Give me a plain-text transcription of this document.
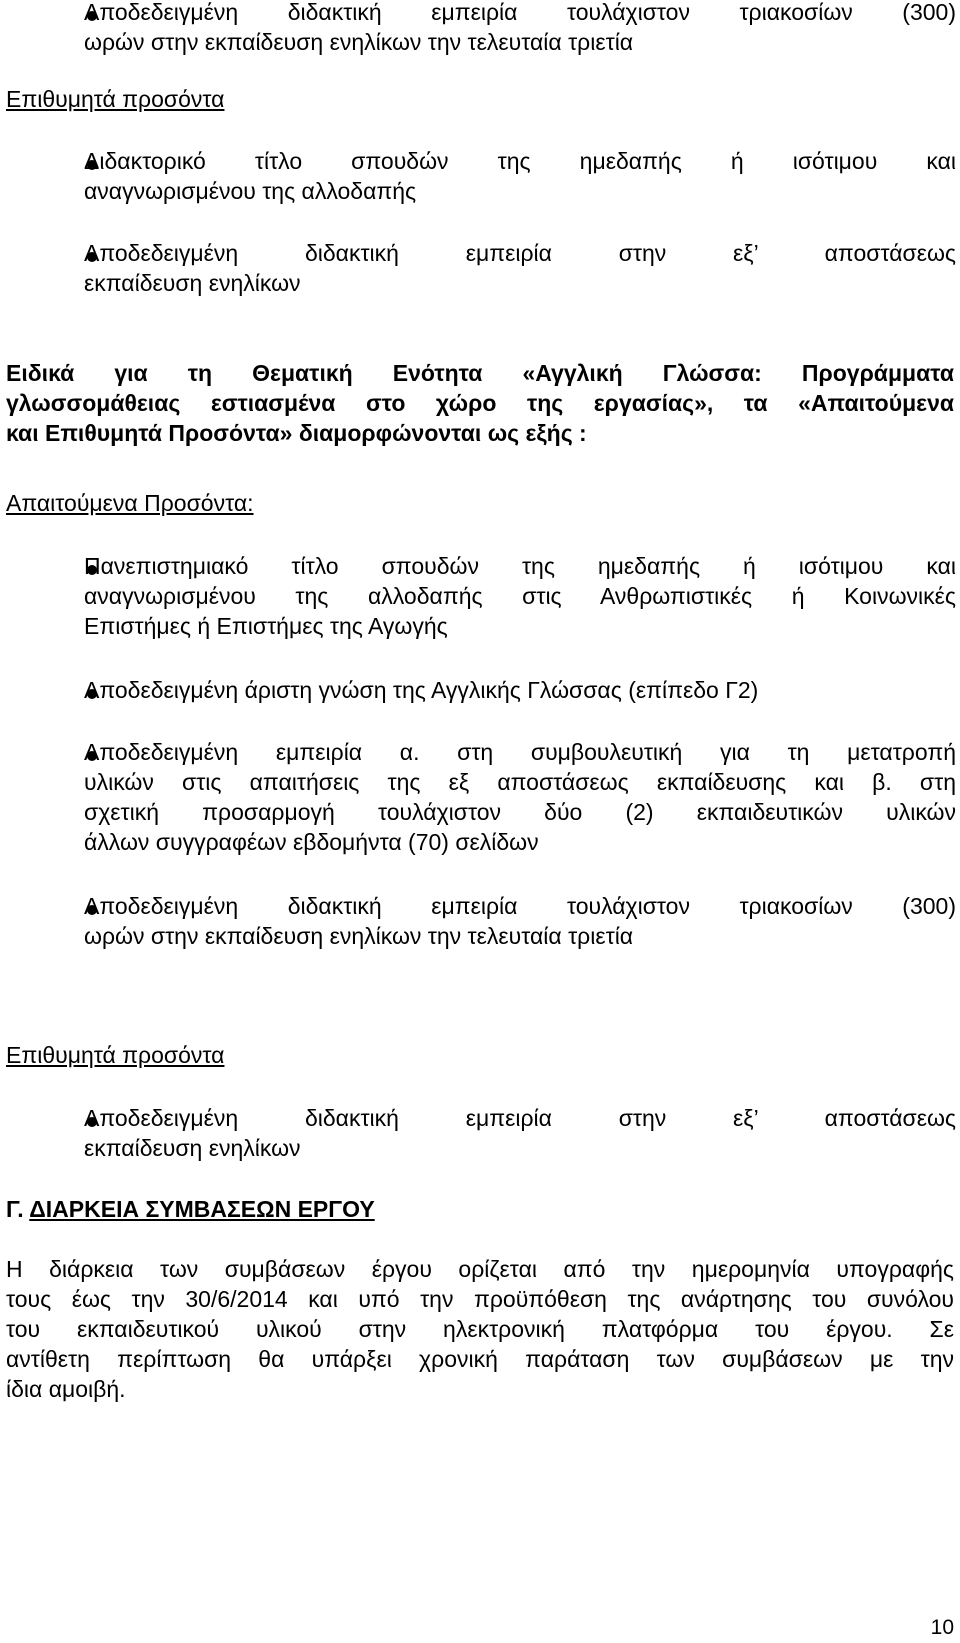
Αποδεδειγμένη διδακτική εμπειρία τουλάχιστον τριακοσίων (300)
ωρών στην εκπαίδευση ενηλίκων την τελευταία τριετία
Επιθυμητά προσόντα
Διδακτορικό τίτλο σπουδών της ημεδαπής ή ισότιμου και
αναγνωρισμένου της αλλοδαπής
Αποδεδειγμένη διδακτική εμπειρία στην εξ’ αποστάσεως
εκπαίδευση ενηλίκων
Ειδικά για τη Θεματική Ενότητα «Αγγλική Γλώσσα: Προγράμματα
γλωσσομάθειας εστιασμένα στο χώρο της εργασίας», τα «Απαιτούμενα
και Επιθυμητά Προσόντα» διαμορφώνονται ως εξής :
Απαιτούμενα Προσόντα:
Πανεπιστημιακό τίτλο σπουδών της ημεδαπής ή ισότιμου και
αναγνωρισμένου της αλλοδαπής στις Ανθρωπιστικές ή Κοινωνικές
Επιστήμες ή Επιστήμες της Αγωγής
Αποδεδειγμένη άριστη γνώση της Αγγλικής Γλώσσας (επίπεδο Γ2)
Αποδεδειγμένη εμπειρία α. στη συμβουλευτική για τη μετατροπή
υλικών στις απαιτήσεις της εξ αποστάσεως εκπαίδευσης και β. στη
σχετική προσαρμογή τουλάχιστον δύο (2) εκπαιδευτικών υλικών
άλλων συγγραφέων εβδομήντα (70) σελίδων
Αποδεδειγμένη διδακτική εμπειρία τουλάχιστον τριακοσίων (300)
ωρών στην εκπαίδευση ενηλίκων την τελευταία τριετία
Επιθυμητά προσόντα
Αποδεδειγμένη διδακτική εμπειρία στην εξ’ αποστάσεως
εκπαίδευση ενηλίκων
Γ. ΔΙΑΡΚΕΙΑ ΣΥΜΒΑΣΕΩΝ ΕΡΓΟΥ
Η διάρκεια των συμβάσεων έργου ορίζεται από την ημερομηνία υπογραφής
τους έως την 30/6/2014 και υπό την προϋπόθεση της ανάρτησης του συνόλου
του εκπαιδευτικού υλικού στην ηλεκτρονική πλατφόρμα του έργου. Σε
αντίθετη περίπτωση θα υπάρξει χρονική παράταση των συμβάσεων με την
ίδια αμοιβή.
10
